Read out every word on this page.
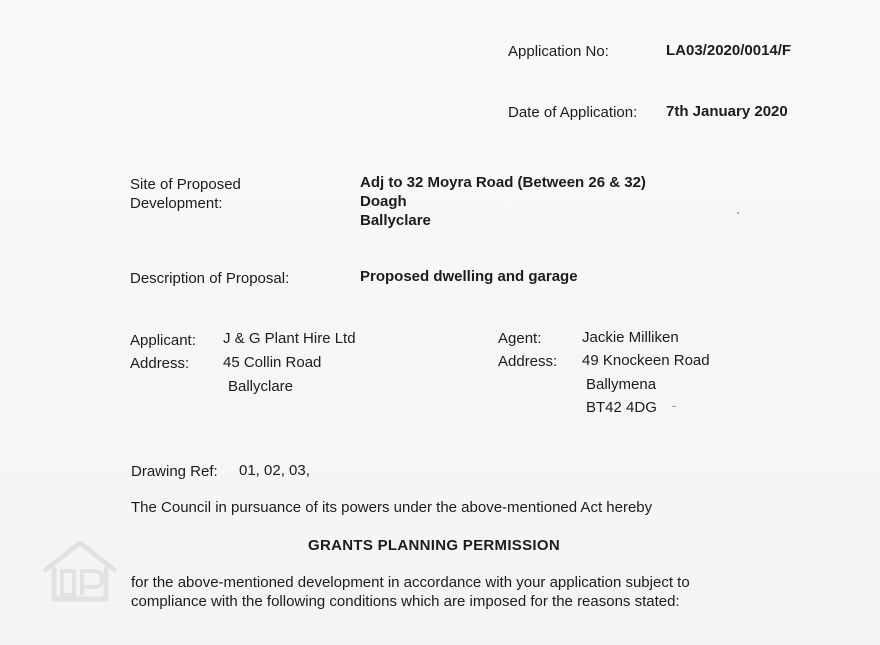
Application No:	LA03/2020/0014/F
Date of Application: 7th January 2020
Site of Proposed
Development:
Adj to 32 Moyra Road (Between 26 & 32)
Doagh
Ballyclare
Description of Proposal:	Proposed dwelling and garage
Applicant: J & G Plant Hire Ltd
Address: 45 Collin Road
Ballyclare
Agent:	Jackie Milliken
Address: 49 Knockeen Road
Ballymena
BT42 4DG
Drawing Ref: 01, 02, 03,
The Council in pursuance of its powers under the above-mentioned Act hereby
GRANTS PLANNING PERMISSION
for the above-mentioned development in accordance with your application subject to
compliance with the following conditions which are imposed for the reasons stated:
